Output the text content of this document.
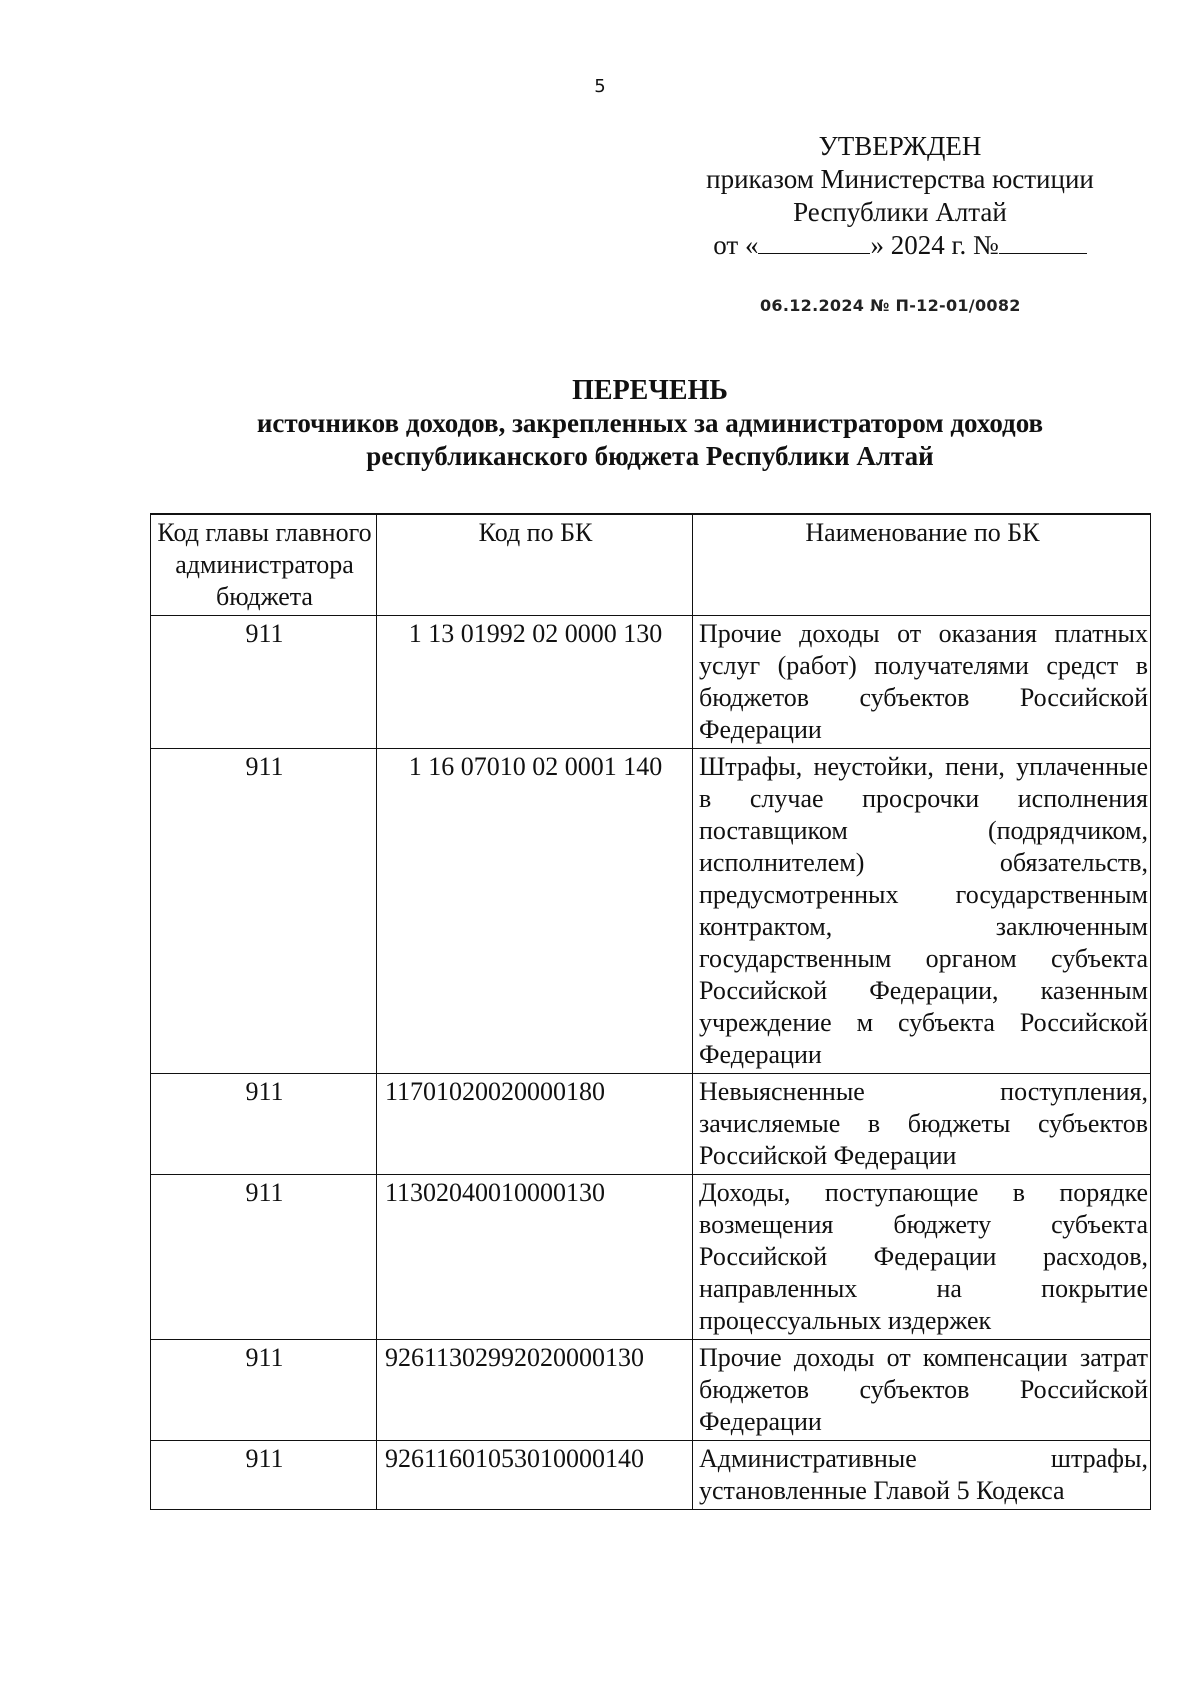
5
УТВЕРЖДЕН
приказом Министерства юстиции
Республики Алтай
от «	» 2024 г. №
06.12.2024 № П-12-01/0082
ПЕРЕЧЕНЬ
источников доходов, закрепленных за администратором доходов
республиканского бюджета Республики Алтай
Код главы главного администратора бюджета	Код по БК	Наименование по БК
911	1 13 01992 02 0000 130	Прочие доходы от оказания платных услуг (работ) получателями средст в бюджетов субъектов Российской Федерации
911	1 16 07010 02 0001 140	Штрафы, неустойки, пени, уплаченные в случае просрочки исполнения поставщиком (подрядчиком, исполнителем) обязательств, предусмотренных государственным контрактом, заключенным государственным органом субъекта Российской Федерации, казенным учреждение м субъекта Российской Федерации
911	11701020020000180	Невыясненные поступления, зачисляемые в бюджеты субъектов Российской Федерации
911	11302040010000130	Доходы, поступающие в порядке возмещения бюджету субъекта Российской Федерации расходов, направленных на покрытие процессуальных издержек
911	92611302992020000130	Прочие доходы от компенсации затрат бюджетов субъектов Российской Федерации
911	92611601053010000140	Административные штрафы, установленные Главой 5 Кодекса
